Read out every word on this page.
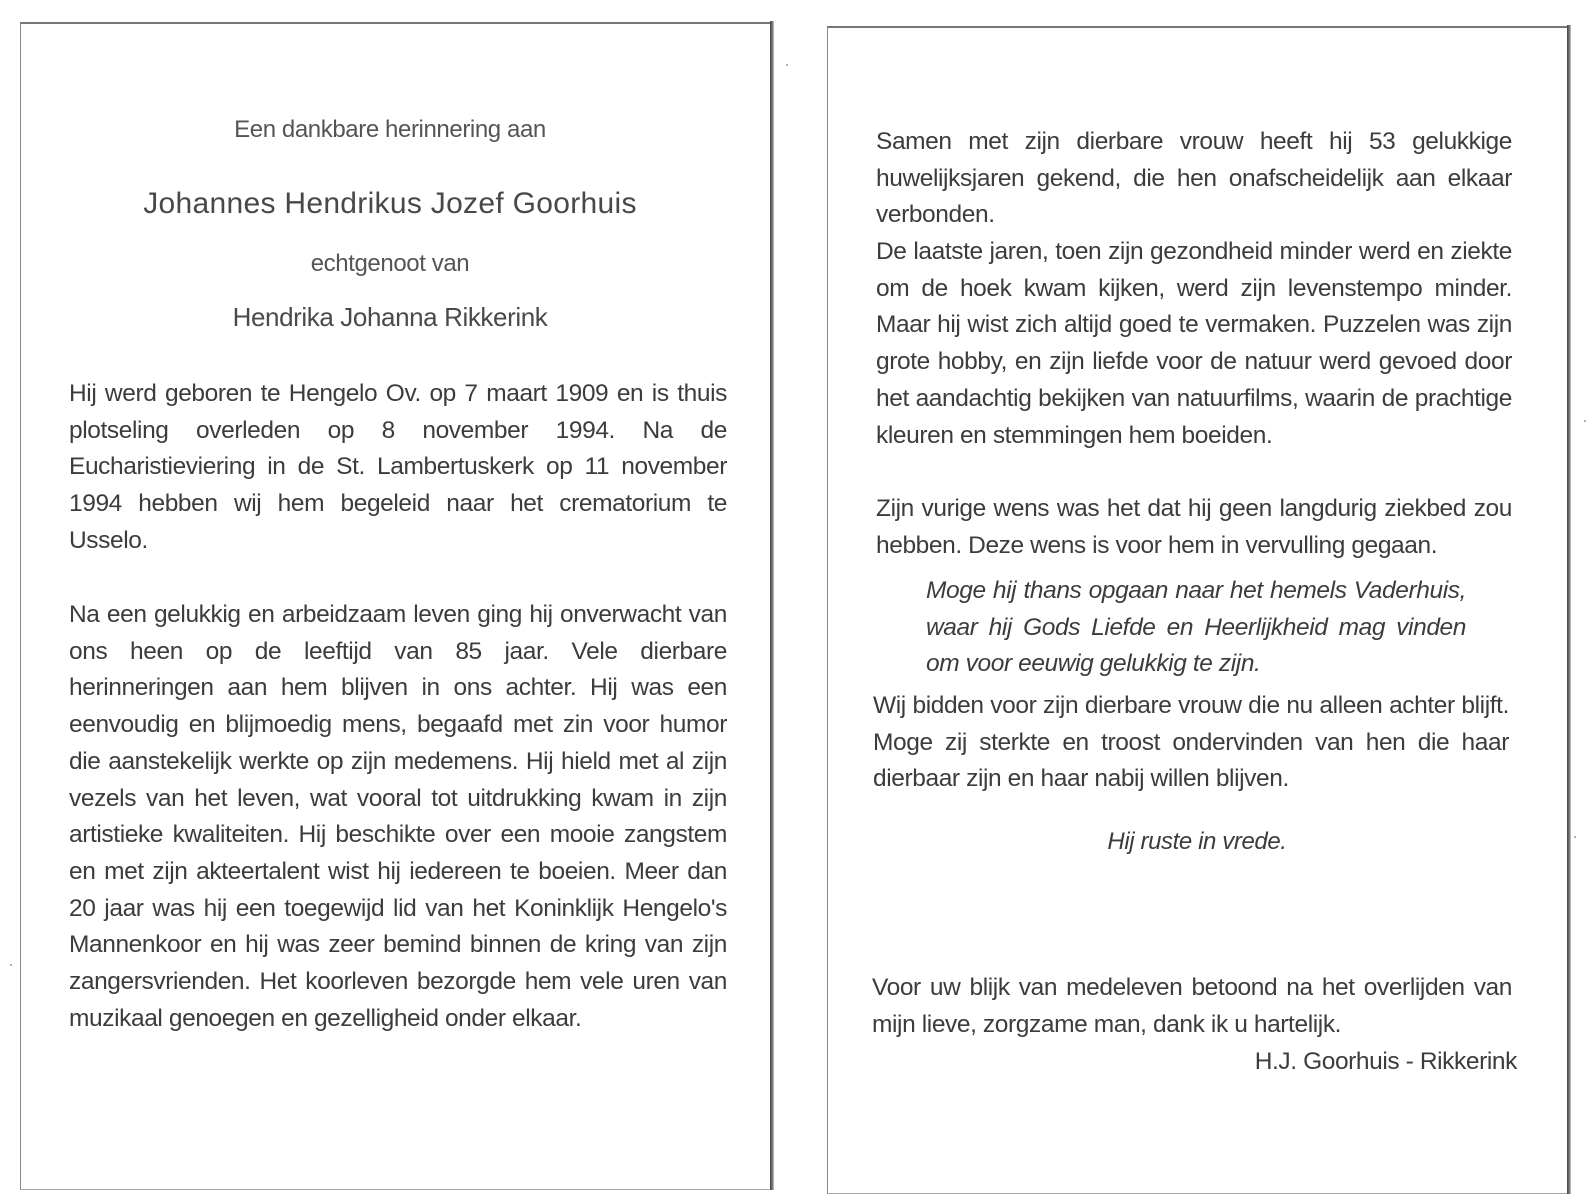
Een dankbare herinnering aan
Johannes Hendrikus Jozef Goorhuis
echtgenoot van
Hendrika Johanna Rikkerink
Hij werd geboren te Hengelo Ov. op 7 maart 1909 en is thuis plotseling overleden op 8 november 1994. Na de Eucharistieviering in de St. Lambertuskerk op 11 november 1994 hebben wij hem begeleid naar het crematorium te Usselo.
Na een gelukkig en arbeidzaam leven ging hij onverwacht van ons heen op de leeftijd van 85 jaar. Vele dierbare herinneringen aan hem blijven in ons achter. Hij was een eenvoudig en blijmoedig mens, begaafd met zin voor humor die aanstekelijk werkte op zijn medemens. Hij hield met al zijn vezels van het leven, wat vooral tot uitdrukking kwam in zijn artistieke kwaliteiten. Hij beschikte over een mooie zangstem en met zijn akteertalent wist hij iedereen te boeien. Meer dan 20 jaar was hij een toegewijd lid van het Koninklijk Hengelo's Mannenkoor en hij was zeer bemind binnen de kring van zijn zangersvrienden. Het koorleven bezorgde hem vele uren van muzikaal genoegen en gezelligheid onder elkaar.
Samen met zijn dierbare vrouw heeft hij 53 gelukkige huwelijksjaren gekend, die hen onafscheidelijk aan elkaar verbonden.
De laatste jaren, toen zijn gezondheid minder werd en ziekte om de hoek kwam kijken, werd zijn levenstempo minder. Maar hij wist zich altijd goed te vermaken. Puzzelen was zijn grote hobby, en zijn liefde voor de natuur werd gevoed door het aandachtig bekijken van natuurfilms, waarin de prachtige kleuren en stemmingen hem boeiden.
Zijn vurige wens was het dat hij geen langdurig ziekbed zou hebben. Deze wens is voor hem in vervulling gegaan.
Moge hij thans opgaan naar het hemels Vaderhuis, waar hij Gods Liefde en Heerlijkheid mag vinden om voor eeuwig gelukkig te zijn.
Wij bidden voor zijn dierbare vrouw die nu alleen achter blijft. Moge zij sterkte en troost ondervinden van hen die haar dierbaar zijn en haar nabij willen blijven.
Hij ruste in vrede.
Voor uw blijk van medeleven betoond na het overlijden van mijn lieve, zorgzame man, dank ik u hartelijk.
H.J. Goorhuis - Rikkerink
